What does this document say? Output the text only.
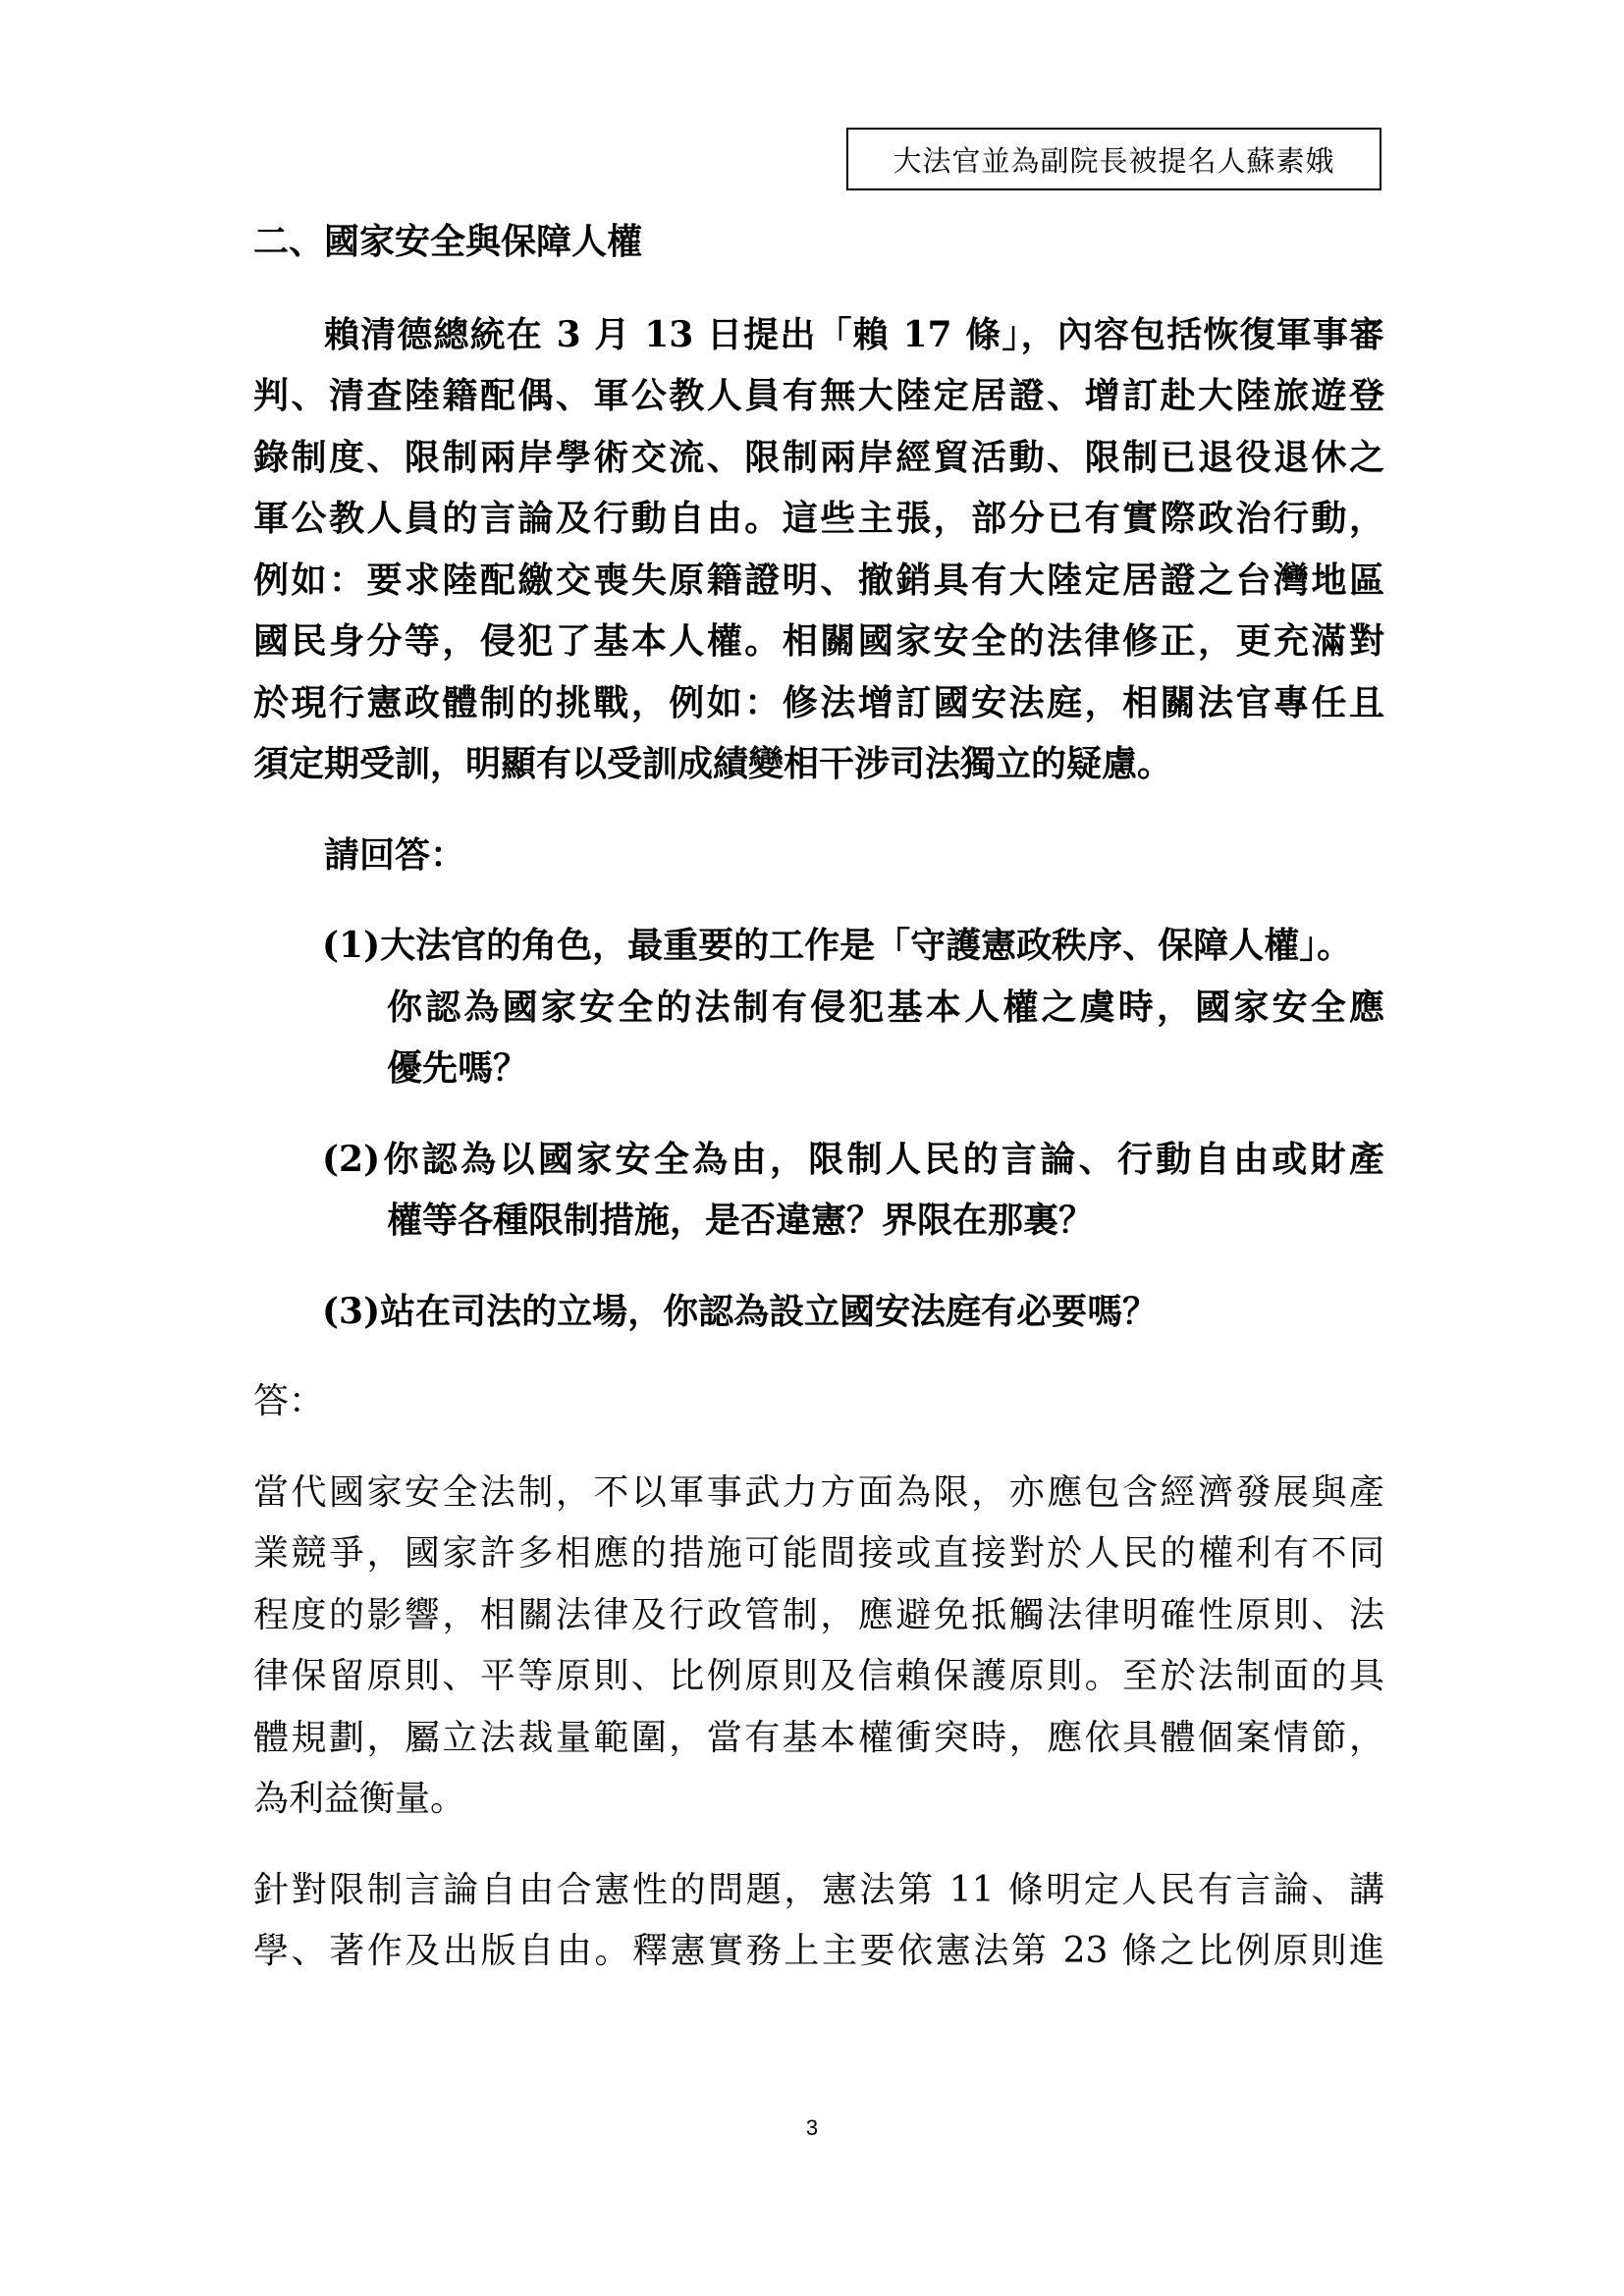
大法官並為副院長被提名人蘇素娥
二、國家安全與保障人權
賴清德總統在 3 月 13 日提出「賴 17 條」，內容包括恢復軍事審
判、清查陸籍配偶、軍公教人員有無大陸定居證、增訂赴大陸旅遊登
錄制度、限制兩岸學術交流、限制兩岸經貿活動、限制已退役退休之
軍公教人員的言論及行動自由。這些主張，部分已有實際政治行動，
例如：要求陸配繳交喪失原籍證明、撤銷具有大陸定居證之台灣地區
國民身分等，侵犯了基本人權。相關國家安全的法律修正，更充滿對
於現行憲政體制的挑戰，例如：修法增訂國安法庭，相關法官專任且
須定期受訓，明顯有以受訓成績變相干涉司法獨立的疑慮。
請回答：
(1)大法官的角色，最重要的工作是「守護憲政秩序、保障人權」。
你認為國家安全的法制有侵犯基本人權之虞時，國家安全應
優先嗎？
(2)你認為以國家安全為由，限制人民的言論、行動自由或財產
權等各種限制措施，是否違憲？界限在那裏？
(3)站在司法的立場，你認為設立國安法庭有必要嗎？
答：
當代國家安全法制，不以軍事武力方面為限，亦應包含經濟發展與產
業競爭，國家許多相應的措施可能間接或直接對於人民的權利有不同
程度的影響，相關法律及行政管制，應避免抵觸法律明確性原則、法
律保留原則、平等原則、比例原則及信賴保護原則。至於法制面的具
體規劃，屬立法裁量範圍，當有基本權衝突時，應依具體個案情節，
為利益衡量。
針對限制言論自由合憲性的問題，憲法第 11 條明定人民有言論、講
學、著作及出版自由。釋憲實務上主要依憲法第 23 條之比例原則進
3
